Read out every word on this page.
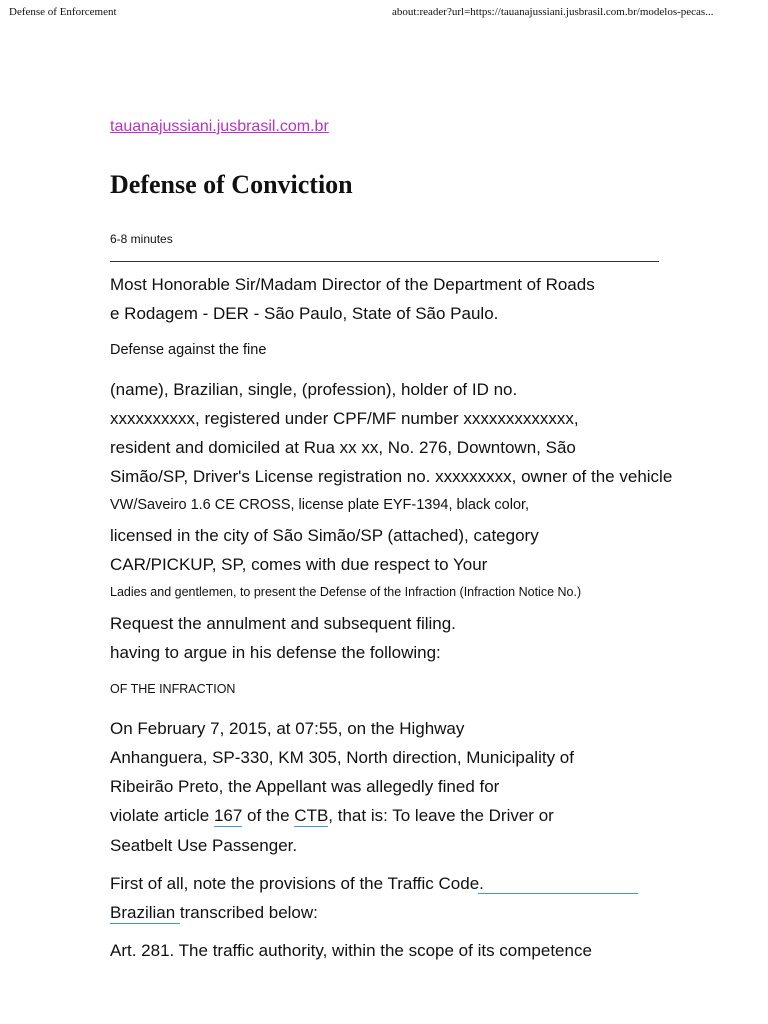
Defense of Enforcement	about:reader?url=https://tauanajussiani.jusbrasil.com.br/modelos-pecas...
tauanajussiani.jusbrasil.com.br
Defense of Conviction
6-8 minutes
Most Honorable Sir/Madam Director of the Department of Roads
e Rodagem - DER - São Paulo, State of São Paulo.
Defense against the fine
(name), Brazilian, single, (profession), holder of ID no.
xxxxxxxxxx, registered under CPF/MF number xxxxxxxxxxxxx,
resident and domiciled at Rua xx xx, No. 276, Downtown, São
Simão/SP, Driver's License registration no. xxxxxxxxx, owner of the vehicle
VW/Saveiro 1.6 CE CROSS, license plate EYF-1394, black color,
licensed in the city of São Simão/SP (attached), category
CAR/PICKUP, SP, comes with due respect to Your
Ladies and gentlemen, to present the Defense of the Infraction (Infraction Notice No.)
Request the annulment and subsequent filing.
having to argue in his defense the following:
OF THE INFRACTION
On February 7, 2015, at 07:55, on the Highway
Anhanguera, SP-330, KM 305, North direction, Municipality of
Ribeirão Preto, the Appellant was allegedly fined for
violate article 167 of the CTB, that is: To leave the Driver or
Seatbelt Use Passenger.
First of all, note the provisions of the Traffic Code.
Brazilian transcribed below:
Art. 281. The traffic authority, within the scope of its competence
